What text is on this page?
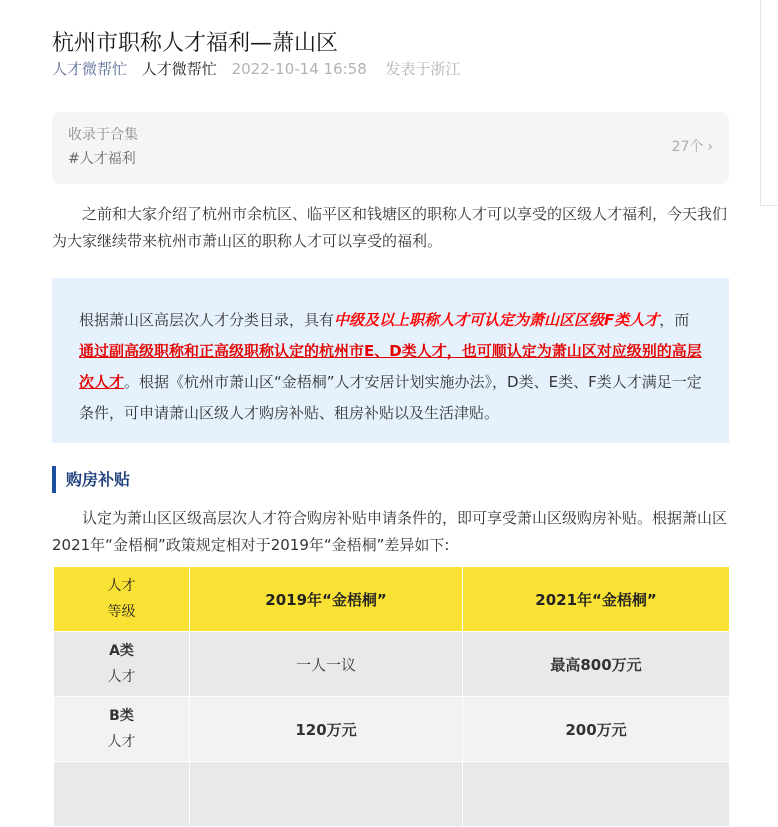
杭州市职称人才福利—萧山区
人才微帮忙 人才微帮忙 2022-10-14 16:58 发表于浙江
收录于合集
#人才福利
27个 ›

之前和大家介绍了杭州市余杭区、临平区和钱塘区的职称人才可以享受的区级人才福利，今天我们为大家继续带来杭州市萧山区的职称人才可以享受的福利。

根据萧山区高层次人才分类目录，具有中级及以上职称人才可认定为萧山区区级F类人才，而通过副高级职称和正高级职称认定的杭州市E、D类人才，也可顺认定为萧山区对应级别的高层次人才。根据《杭州市萧山区“金梧桐”人才安居计划实施办法》，D类、E类、F类人才满足一定条件，可申请萧山区级人才购房补贴、租房补贴以及生活津贴。

购房补贴

认定为萧山区区级高层次人才符合购房补贴申请条件的，即可享受萧山区级购房补贴。根据萧山区2021年“金梧桐”政策规定相对于2019年“金梧桐”差异如下:

人才
等级	2019年“金梧桐”	2021年“金梧桐”

A类
人才	一人一议	最高800万元

B类
人才	120万元	200万元
